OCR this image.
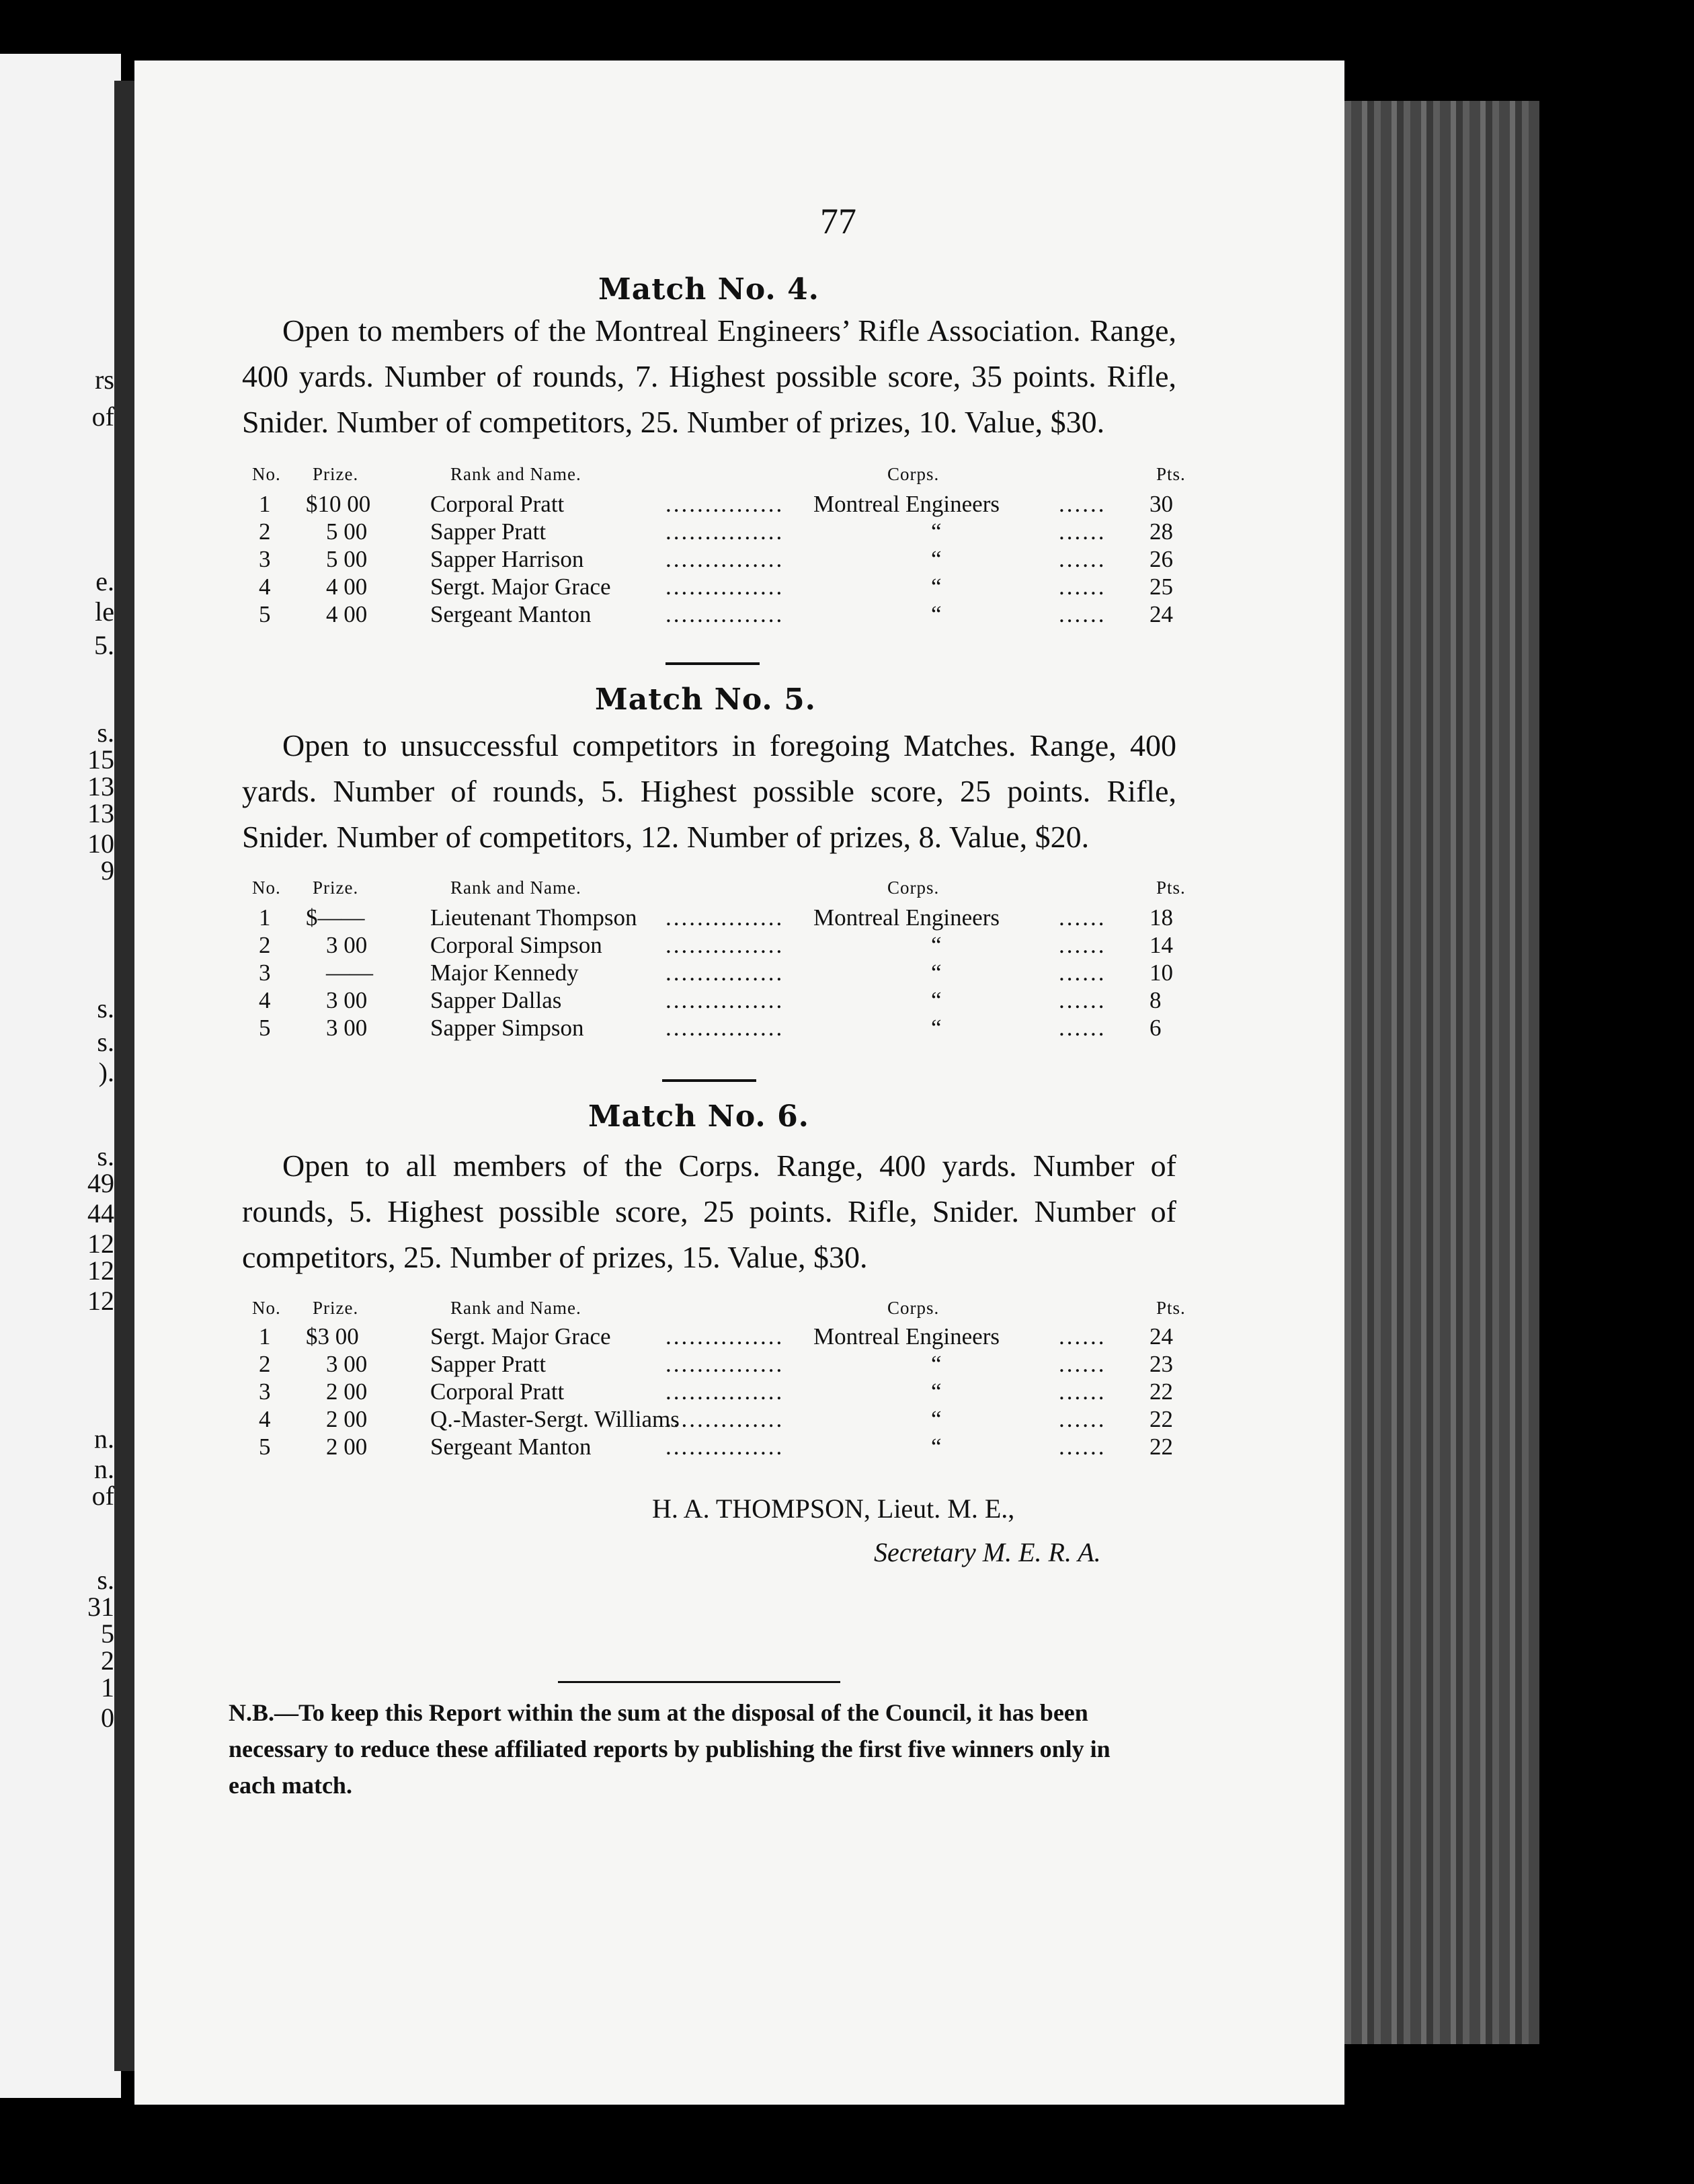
rs
of
e.
le
5.
s.
15
13
13
10
9
s.
s.
).
s.
49
44
12
12
12
n.
n.
of
s.
31
5
2
1
0
77
Match No. 4.
Open to members of the Montreal Engineers’ Rifle Association. Range, 400 yards. Number of rounds, 7. Highest possible score, 35 points. Rifle, Snider. Number of competitors, 25. Number of prizes, 10. Value, $30.
No. Prize.	Rank and Name.	Corps.	Pts.
1 $10 00	Corporal Pratt	Montreal Engineers	30
...............	......
2 5 00	Sapper Pratt	“	28
...............	......
3 5 00	Sapper Harrison	“	26
...............	......
4 4 00	Sergt. Major Grace	“	25
...............	......
5 4 00	Sergeant Manton	“	24
...............	......
Match No. 5.
Open to unsuccessful competitors in foregoing Matches. Range, 400 yards. Number of rounds, 5. Highest possible score, 25 points. Rifle, Snider. Number of competitors, 12. Number of prizes, 8. Value, $20.
No. Prize.	Rank and Name.	Corps.	Pts.
1 $——	Lieutenant Thompson	Montreal Engineers	18
...............	......
2 3 00	Corporal Simpson	“	14
...............	......
3 —— Major Kennedy	“	10
...............	......
4 3 00	Sapper Dallas	“	8
...............	......
5 3 00	Sapper Simpson	“	6
...............	......
Match No. 6.
Open to all members of the Corps. Range, 400 yards. Number of rounds, 5. Highest possible score, 25 points. Rifle, Snider. Number of competitors, 25. Number of prizes, 15. Value, $30.
No. Prize.	Rank and Name.	Corps.	Pts.
1 $3 00	Sergt. Major Grace	Montreal Engineers	24
...............	......
2 3 00	Sapper Pratt	“	23
...............	......
3 2 00	Corporal Pratt	“	22
...............	......
4 2 00	Q.-Master-Sergt. Williams	“	22
...............	......
5 2 00	Sergeant Manton	“	22
...............	......
H. A. THOMPSON, Lieut. M. E.,
Secretary M. E. R. A.
N.B.—To keep this Report within the sum at the disposal of the Council, it has been necessary to reduce these affiliated reports by publishing the first five winners only in each match.
